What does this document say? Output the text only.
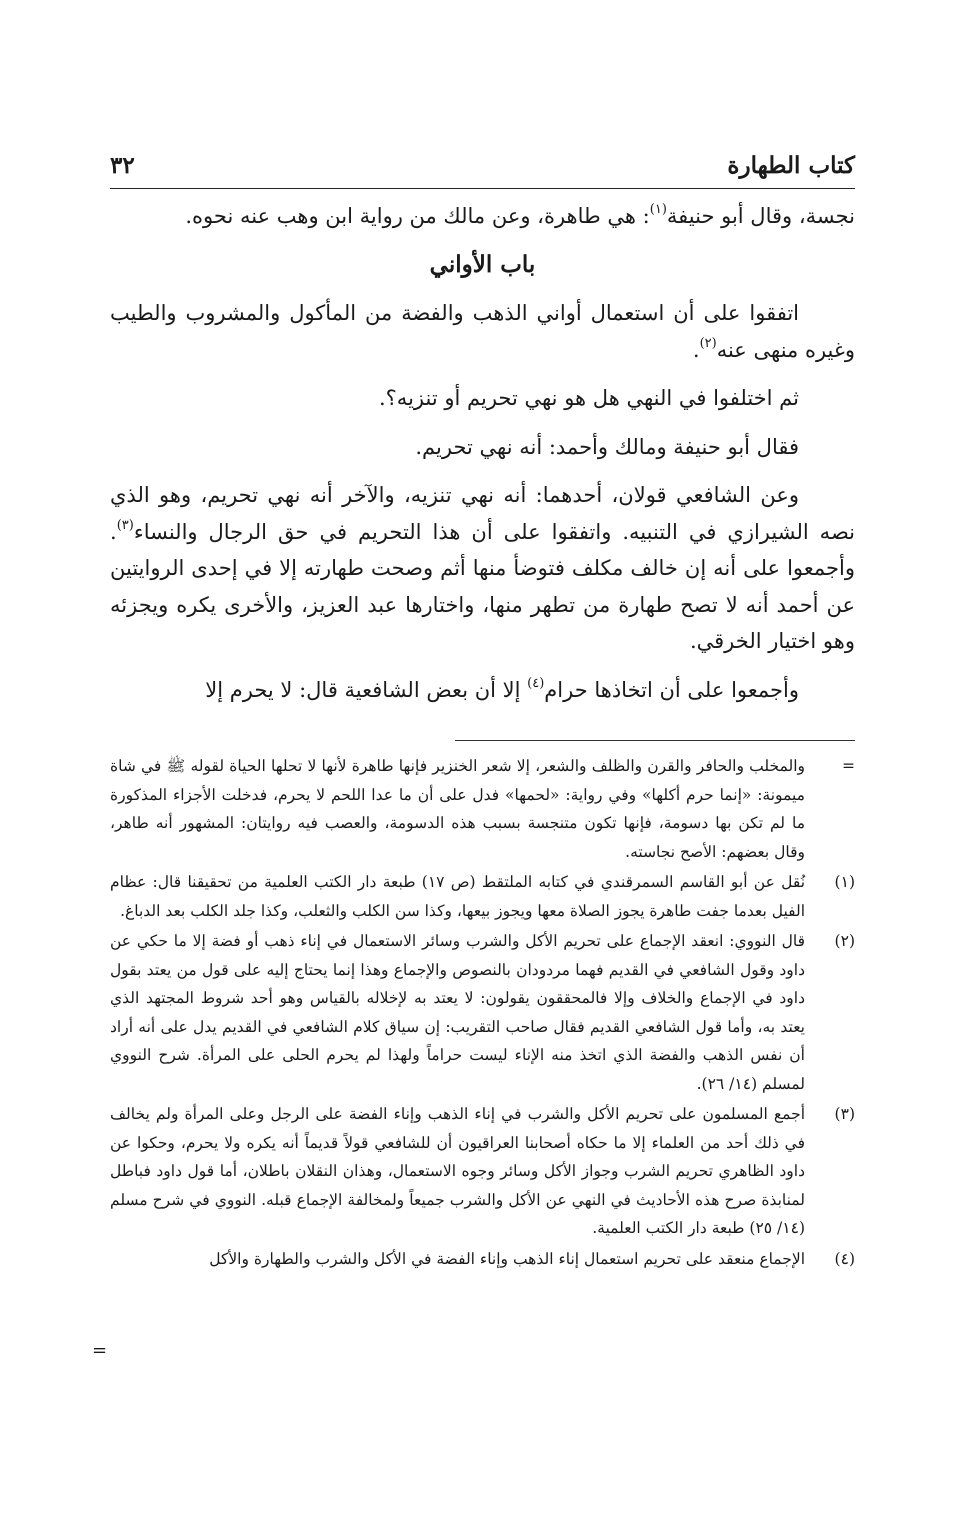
كتاب الطهارة
٣٢

نجسة، وقال أبو حنيفة$^{(١)}$: هي طاهرة، وعن مالك من رواية ابن وهب عنه نحوه.

باب الأواني

اتفقوا على أن استعمال أواني الذهب والفضة من المأكول والمشروب والطيب وغيره منهى عنه$^{(٢)}$.

ثم اختلفوا في النهي هل هو نهي تحريم أو تنزيه؟.

فقال أبو حنيفة ومالك وأحمد: أنه نهي تحريم.

وعن الشافعي قولان، أحدهما: أنه نهي تنزيه، والآخر أنه نهي تحريم، وهو الذي نصه الشيرازي في التنبيه. واتفقوا على أن هذا التحريم في حق الرجال والنساء$^{(٣)}$. وأجمعوا على أنه إن خالف مكلف فتوضأ منها أثم وصحت طهارته إلا في إحدى الروايتين عن أحمد أنه لا تصح طهارة من تطهر منها، واختارها عبد العزيز، والأخرى يكره ويجزئه وهو اختيار الخرقي.

وأجمعوا على أن اتخاذها حرام$^{(٤)}$ إلا أن بعض الشافعية قال: لا يحرم إلا

=
والمخلب والحافر والقرن والظلف والشعر، إلا شعر الخنزير فإنها طاهرة لأنها لا تحلها الحياة لقوله ﷺ في شاة ميمونة: «إنما حرم أكلها» وفي رواية: «لحمها» فدل على أن ما عدا اللحم لا يحرم، فدخلت الأجزاء المذكورة ما لم تكن بها دسومة، فإنها تكون متنجسة بسبب هذه الدسومة، والعصب فيه روايتان: المشهور أنه طاهر، وقال بعضهم: الأصح نجاسته.
(١)
نُقل عن أبو القاسم السمرقندي في كتابه الملتقط (ص ١٧) طبعة دار الكتب العلمية من تحقيقنا قال: عظام الفيل بعدما جفت طاهرة يجوز الصلاة معها ويجوز بيعها، وكذا سن الكلب والثعلب، وكذا جلد الكلب بعد الدباغ.
(٢)
قال النووي: انعقد الإجماع على تحريم الأكل والشرب وسائر الاستعمال في إناء ذهب أو فضة إلا ما حكي عن داود وقول الشافعي في القديم فهما مردودان بالنصوص والإجماع وهذا إنما يحتاج إليه على قول من يعتد بقول داود في الإجماع والخلاف وإلا فالمحققون يقولون: لا يعتد به لإخلاله بالقياس وهو أحد شروط المجتهد الذي يعتد به، وأما قول الشافعي القديم فقال صاحب التقريب: إن سياق كلام الشافعي في القديم يدل على أنه أراد أن نفس الذهب والفضة الذي اتخذ منه الإناء ليست حراماً ولهذا لم يحرم الحلى على المرأة. شرح النووي لمسلم (١٤/ ٢٦).
(٣)
أجمع المسلمون على تحريم الأكل والشرب في إناء الذهب وإناء الفضة على الرجل وعلى المرأة ولم يخالف في ذلك أحد من العلماء إلا ما حكاه أصحابنا العراقيون أن للشافعي قولاً قديماً أنه يكره ولا يحرم، وحكوا عن داود الظاهري تحريم الشرب وجواز الأكل وسائر وجوه الاستعمال، وهذان النقلان باطلان، أما قول داود فباطل لمنابذة صرح هذه الأحاديث في النهي عن الأكل والشرب جميعاً ولمخالفة الإجماع قبله. النووي في شرح مسلم (١٤/ ٢٥) طبعة دار الكتب العلمية.
(٤)
الإجماع منعقد على تحريم استعمال إناء الذهب وإناء الفضة في الأكل والشرب والطهارة والأكل
=
